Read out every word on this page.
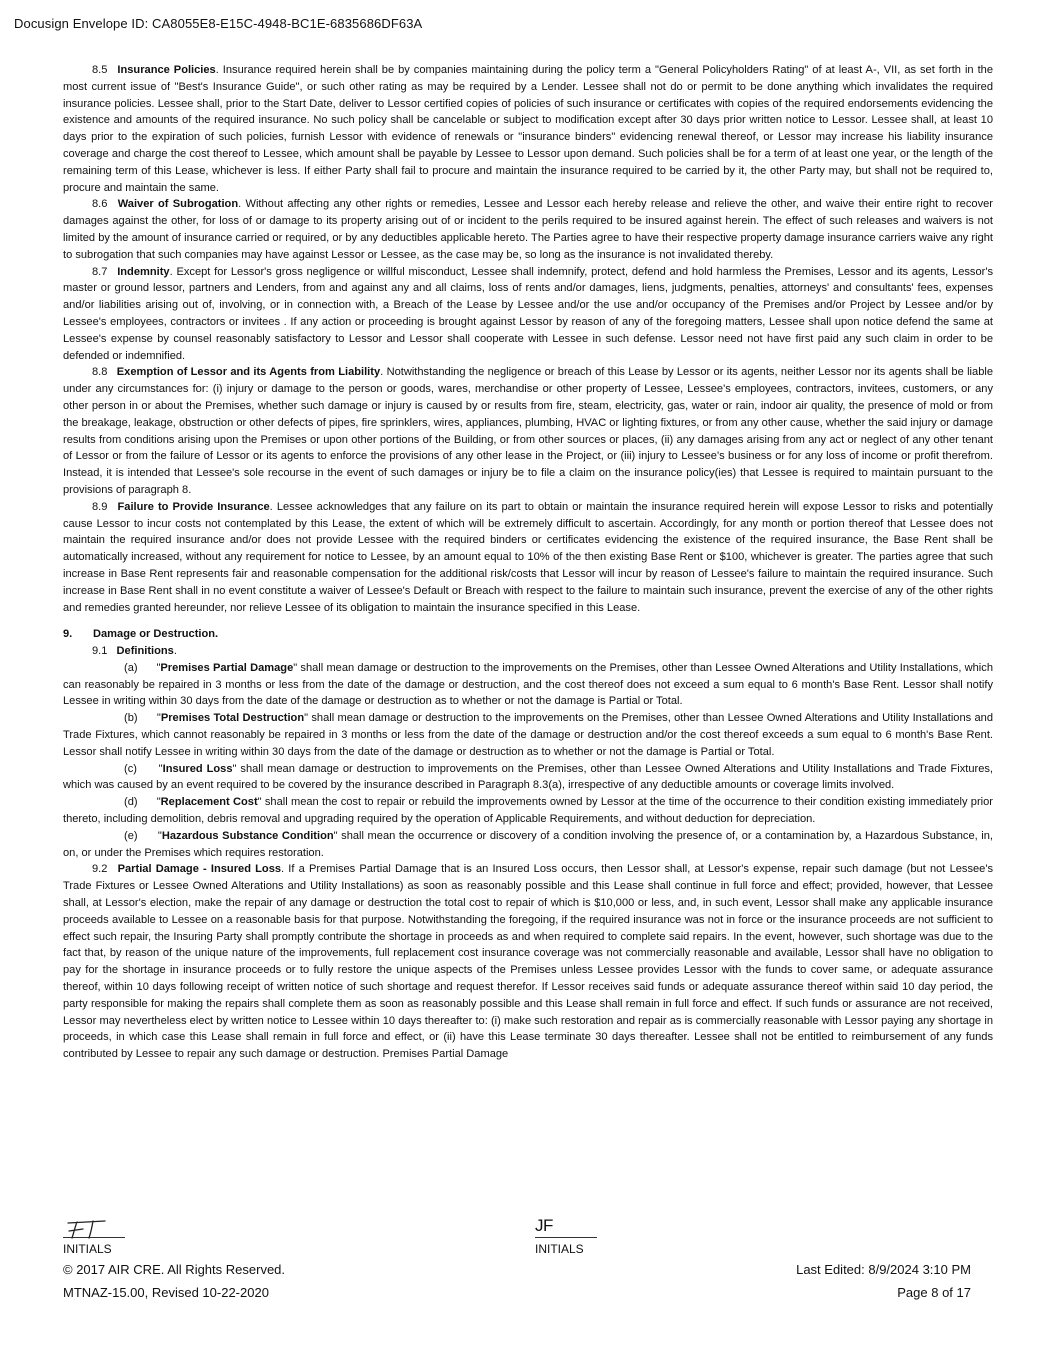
Docusign Envelope ID: CA8055E8-E15C-4948-BC1E-6835686DF63A

8.5 Insurance Policies. Insurance required herein shall be by companies maintaining during the policy term a "General Policyholders Rating" of at least A-, VII, as set forth in the most current issue of "Best's Insurance Guide", or such other rating as may be required by a Lender. Lessee shall not do or permit to be done anything which invalidates the required insurance policies. Lessee shall, prior to the Start Date, deliver to Lessor certified copies of policies of such insurance or certificates with copies of the required endorsements evidencing the existence and amounts of the required insurance. No such policy shall be cancelable or subject to modification except after 30 days prior written notice to Lessor. Lessee shall, at least 10 days prior to the expiration of such policies, furnish Lessor with evidence of renewals or "insurance binders" evidencing renewal thereof, or Lessor may increase his liability insurance coverage and charge the cost thereof to Lessee, which amount shall be payable by Lessee to Lessor upon demand. Such policies shall be for a term of at least one year, or the length of the remaining term of this Lease, whichever is less. If either Party shall fail to procure and maintain the insurance required to be carried by it, the other Party may, but shall not be required to, procure and maintain the same.

8.6 Waiver of Subrogation. Without affecting any other rights or remedies, Lessee and Lessor each hereby release and relieve the other, and waive their entire right to recover damages against the other, for loss of or damage to its property arising out of or incident to the perils required to be insured against herein. The effect of such releases and waivers is not limited by the amount of insurance carried or required, or by any deductibles applicable hereto. The Parties agree to have their respective property damage insurance carriers waive any right to subrogation that such companies may have against Lessor or Lessee, as the case may be, so long as the insurance is not invalidated thereby.

8.7 Indemnity. Except for Lessor's gross negligence or willful misconduct, Lessee shall indemnify, protect, defend and hold harmless the Premises, Lessor and its agents, Lessor's master or ground lessor, partners and Lenders, from and against any and all claims, loss of rents and/or damages, liens, judgments, penalties, attorneys' and consultants' fees, expenses and/or liabilities arising out of, involving, or in connection with, a Breach of the Lease by Lessee and/or the use and/or occupancy of the Premises and/or Project by Lessee and/or by Lessee's employees, contractors or invitees . If any action or proceeding is brought against Lessor by reason of any of the foregoing matters, Lessee shall upon notice defend the same at Lessee's expense by counsel reasonably satisfactory to Lessor and Lessor shall cooperate with Lessee in such defense. Lessor need not have first paid any such claim in order to be defended or indemnified.

8.8 Exemption of Lessor and its Agents from Liability. Notwithstanding the negligence or breach of this Lease by Lessor or its agents, neither Lessor nor its agents shall be liable under any circumstances for: (i) injury or damage to the person or goods, wares, merchandise or other property of Lessee, Lessee's employees, contractors, invitees, customers, or any other person in or about the Premises, whether such damage or injury is caused by or results from fire, steam, electricity, gas, water or rain, indoor air quality, the presence of mold or from the breakage, leakage, obstruction or other defects of pipes, fire sprinklers, wires, appliances, plumbing, HVAC or lighting fixtures, or from any other cause, whether the said injury or damage results from conditions arising upon the Premises or upon other portions of the Building, or from other sources or places, (ii) any damages arising from any act or neglect of any other tenant of Lessor or from the failure of Lessor or its agents to enforce the provisions of any other lease in the Project, or (iii) injury to Lessee's business or for any loss of income or profit therefrom. Instead, it is intended that Lessee's sole recourse in the event of such damages or injury be to file a claim on the insurance policy(ies) that Lessee is required to maintain pursuant to the provisions of paragraph 8.

8.9 Failure to Provide Insurance. Lessee acknowledges that any failure on its part to obtain or maintain the insurance required herein will expose Lessor to risks and potentially cause Lessor to incur costs not contemplated by this Lease, the extent of which will be extremely difficult to ascertain. Accordingly, for any month or portion thereof that Lessee does not maintain the required insurance and/or does not provide Lessee with the required binders or certificates evidencing the existence of the required insurance, the Base Rent shall be automatically increased, without any requirement for notice to Lessee, by an amount equal to 10% of the then existing Base Rent or $100, whichever is greater. The parties agree that such increase in Base Rent represents fair and reasonable compensation for the additional risk/costs that Lessor will incur by reason of Lessee's failure to maintain the required insurance. Such increase in Base Rent shall in no event constitute a waiver of Lessee's Default or Breach with respect to the failure to maintain such insurance, prevent the exercise of any of the other rights and remedies granted hereunder, nor relieve Lessee of its obligation to maintain the insurance specified in this Lease.

9. Damage or Destruction.

9.1 Definitions.

(a) "Premises Partial Damage" shall mean damage or destruction to the improvements on the Premises, other than Lessee Owned Alterations and Utility Installations, which can reasonably be repaired in 3 months or less from the date of the damage or destruction, and the cost thereof does not exceed a sum equal to 6 month's Base Rent. Lessor shall notify Lessee in writing within 30 days from the date of the damage or destruction as to whether or not the damage is Partial or Total.

(b) "Premises Total Destruction" shall mean damage or destruction to the improvements on the Premises, other than Lessee Owned Alterations and Utility Installations and Trade Fixtures, which cannot reasonably be repaired in 3 months or less from the date of the damage or destruction and/or the cost thereof exceeds a sum equal to 6 month's Base Rent. Lessor shall notify Lessee in writing within 30 days from the date of the damage or destruction as to whether or not the damage is Partial or Total.

(c) "Insured Loss" shall mean damage or destruction to improvements on the Premises, other than Lessee Owned Alterations and Utility Installations and Trade Fixtures, which was caused by an event required to be covered by the insurance described in Paragraph 8.3(a), irrespective of any deductible amounts or coverage limits involved.

(d) "Replacement Cost" shall mean the cost to repair or rebuild the improvements owned by Lessor at the time of the occurrence to their condition existing immediately prior thereto, including demolition, debris removal and upgrading required by the operation of Applicable Requirements, and without deduction for depreciation.

(e) "Hazardous Substance Condition" shall mean the occurrence or discovery of a condition involving the presence of, or a contamination by, a Hazardous Substance, in, on, or under the Premises which requires restoration.

9.2 Partial Damage - Insured Loss. If a Premises Partial Damage that is an Insured Loss occurs, then Lessor shall, at Lessor's expense, repair such damage (but not Lessee's Trade Fixtures or Lessee Owned Alterations and Utility Installations) as soon as reasonably possible and this Lease shall continue in full force and effect; provided, however, that Lessee shall, at Lessor's election, make the repair of any damage or destruction the total cost to repair of which is $10,000 or less, and, in such event, Lessor shall make any applicable insurance proceeds available to Lessee on a reasonable basis for that purpose. Notwithstanding the foregoing, if the required insurance was not in force or the insurance proceeds are not sufficient to effect such repair, the Insuring Party shall promptly contribute the shortage in proceeds as and when required to complete said repairs. In the event, however, such shortage was due to the fact that, by reason of the unique nature of the improvements, full replacement cost insurance coverage was not commercially reasonable and available, Lessor shall have no obligation to pay for the shortage in insurance proceeds or to fully restore the unique aspects of the Premises unless Lessee provides Lessor with the funds to cover same, or adequate assurance thereof, within 10 days following receipt of written notice of such shortage and request therefor. If Lessor receives said funds or adequate assurance thereof within said 10 day period, the party responsible for making the repairs shall complete them as soon as reasonably possible and this Lease shall remain in full force and effect. If such funds or assurance are not received, Lessor may nevertheless elect by written notice to Lessee within 10 days thereafter to: (i) make such restoration and repair as is commercially reasonable with Lessor paying any shortage in proceeds, in which case this Lease shall remain in full force and effect, or (ii) have this Lease terminate 30 days thereafter. Lessee shall not be entitled to reimbursement of any funds contributed by Lessee to repair any such damage or destruction. Premises Partial Damage

INITIALS
JF
INITIALS
© 2017 AIR CRE. All Rights Reserved.
MTNAZ-15.00, Revised 10-22-2020
Last Edited: 8/9/2024 3:10 PM
Page 8 of 17
